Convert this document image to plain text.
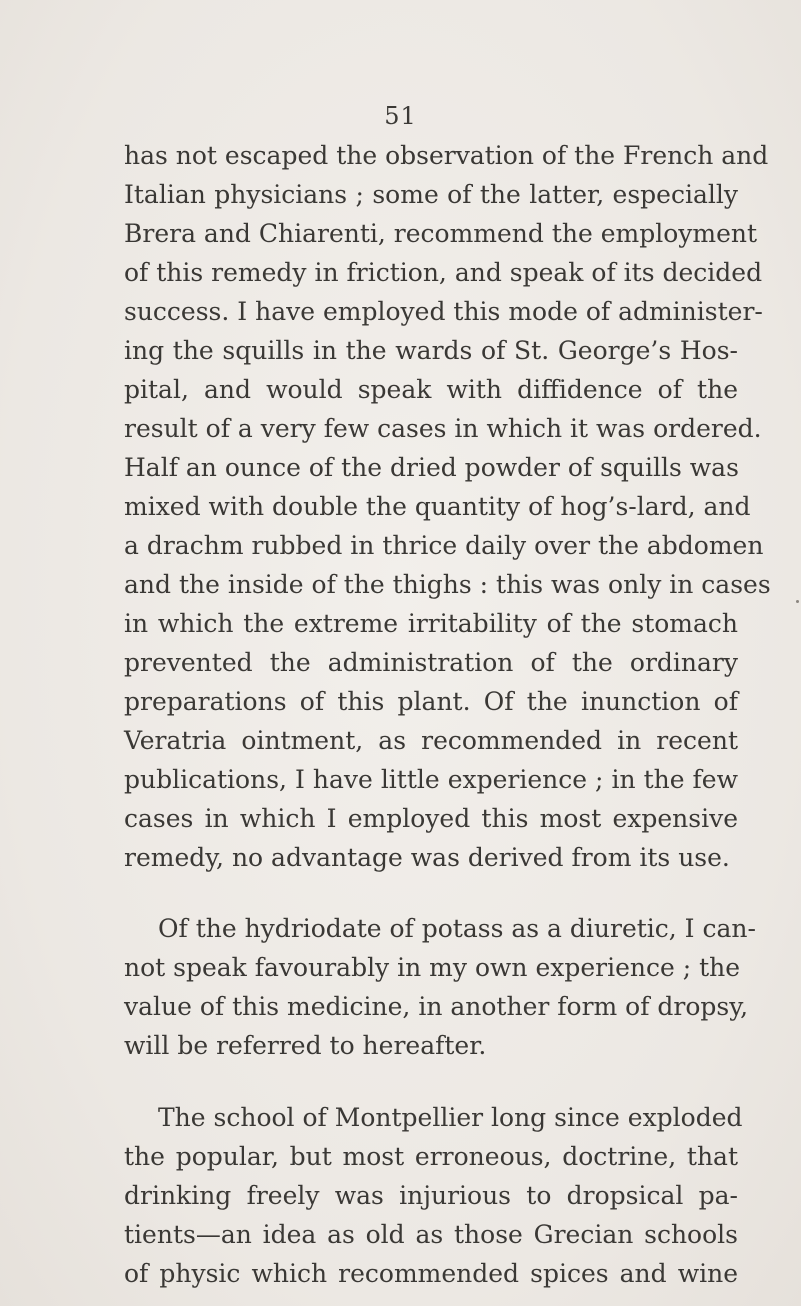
51
has not escaped the observation of the French and
Italian physicians ; some of the latter, especially
Brera and Chiarenti, recommend the employment
of this remedy in friction, and speak of its decided
success. I have employed this mode of administer-
ing the squills in the wards of St. George’s Hos-
pital, and would speak with diffidence of the
result of a very few cases in which it was ordered.
Half an ounce of the dried powder of squills was
mixed with double the quantity of hog’s-lard, and
a drachm rubbed in thrice daily over the abdomen
and the inside of the thighs : this was only in cases
in which the extreme irritability of the stomach
prevented the administration of the ordinary
preparations of this plant. Of the inunction of
Veratria ointment, as recommended in recent
publications, I have little experience ; in the few
cases in which I employed this most expensive
remedy, no advantage was derived from its use.
Of the hydriodate of potass as a diuretic, I can-
not speak favourably in my own experience ; the
value of this medicine, in another form of dropsy,
will be referred to hereafter.
The school of Montpellier long since exploded
the popular, but most erroneous, doctrine, that
drinking freely was injurious to dropsical pa-
tients—an idea as old as those Grecian schools
of physic which recommended spices and wine
